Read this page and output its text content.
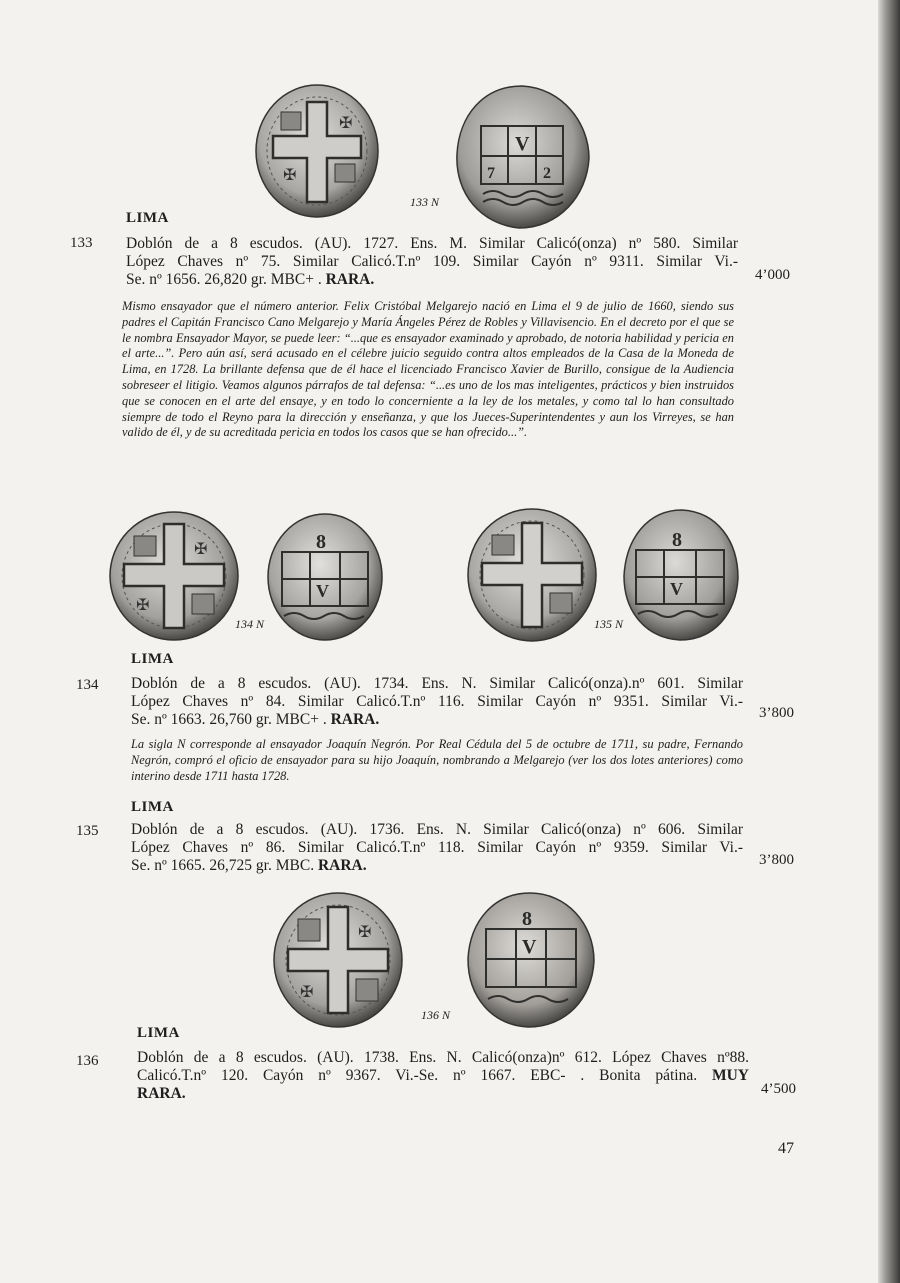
✠
✠
V
7	2
133 N
LIMA
133 Doblón de a 8 escudos. (AU). 1727. Ens. M. Similar Calicó(onza) nº 580. Similar
López Chaves nº 75. Similar Calicó.T.nº 109. Similar Cayón nº 9311. Similar Vi.-
Se. nº 1656. 26,820 gr. MBC+ . RARA.	4’000
Mismo ensayador que el número anterior. Felix Cristóbal Melgarejo nació en Lima el 9 de julio de 1660, siendo sus padres el Capitán Francisco Cano Melgarejo y María Ángeles Pérez de Robles y Villavisencio. En el decreto por el que se le nombra Ensayador Mayor, se puede leer: “...que es ensayador examinado y aprobado, de notoria habilidad y pericia en el arte...”. Pero aún así, será acusado en el célebre juicio seguido contra altos empleados de la Casa de la Moneda de Lima, en 1728. La brillante defensa que de él hace el licenciado Francisco Xavier de Burillo, consigue de la Audiencia sobreseer el litigio. Veamos algunos párrafos de tal defensa: “...es uno de los mas inteligentes, prácticos y bien instruidos que se conocen en el arte del ensaye, y en todo lo concerniente a la ley de los metales, y como tal lo han consultado siempre de todo el Reyno para la dirección y enseñanza, y que los Jueces-Superintendentes y aun los Virreyes, se han valido de él, y de su acreditada pericia en todos los casos que se han ofrecido...”.
✠
✠
8
V
134 N
8
V
135 N
LIMA
134 Doblón de a 8 escudos. (AU). 1734. Ens. N. Similar Calicó(onza).nº 601. Similar
López Chaves nº 84. Similar Calicó.T.nº 116. Similar Cayón nº 9351. Similar Vi.-
Se. nº 1663. 26,760 gr. MBC+ . RARA.	3’800
La sigla N corresponde al ensayador Joaquín Negrón. Por Real Cédula del 5 de octubre de 1711, su padre, Fernando Negrón, compró el oficio de ensayador para su hijo Joaquín, nombrando a Melgarejo (ver los dos lotes anteriores) como interino desde 1711 hasta 1728.
LIMA
135 Doblón de a 8 escudos. (AU). 1736. Ens. N. Similar Calicó(onza) nº 606. Similar
López Chaves nº 86. Similar Calicó.T.nº 118. Similar Cayón nº 9359. Similar Vi.-
Se. nº 1665. 26,725 gr. MBC. RARA.	3’800
✠
✠
8
V
136 N
LIMA
136 Doblón de a 8 escudos. (AU). 1738. Ens. N. Calicó(onza)nº 612. López Chaves nº88.
Calicó.T.nº 120. Cayón nº 9367. Vi.-Se. nº 1667. EBC- . Bonita pátina. MUY
RARA.	4’500
47
